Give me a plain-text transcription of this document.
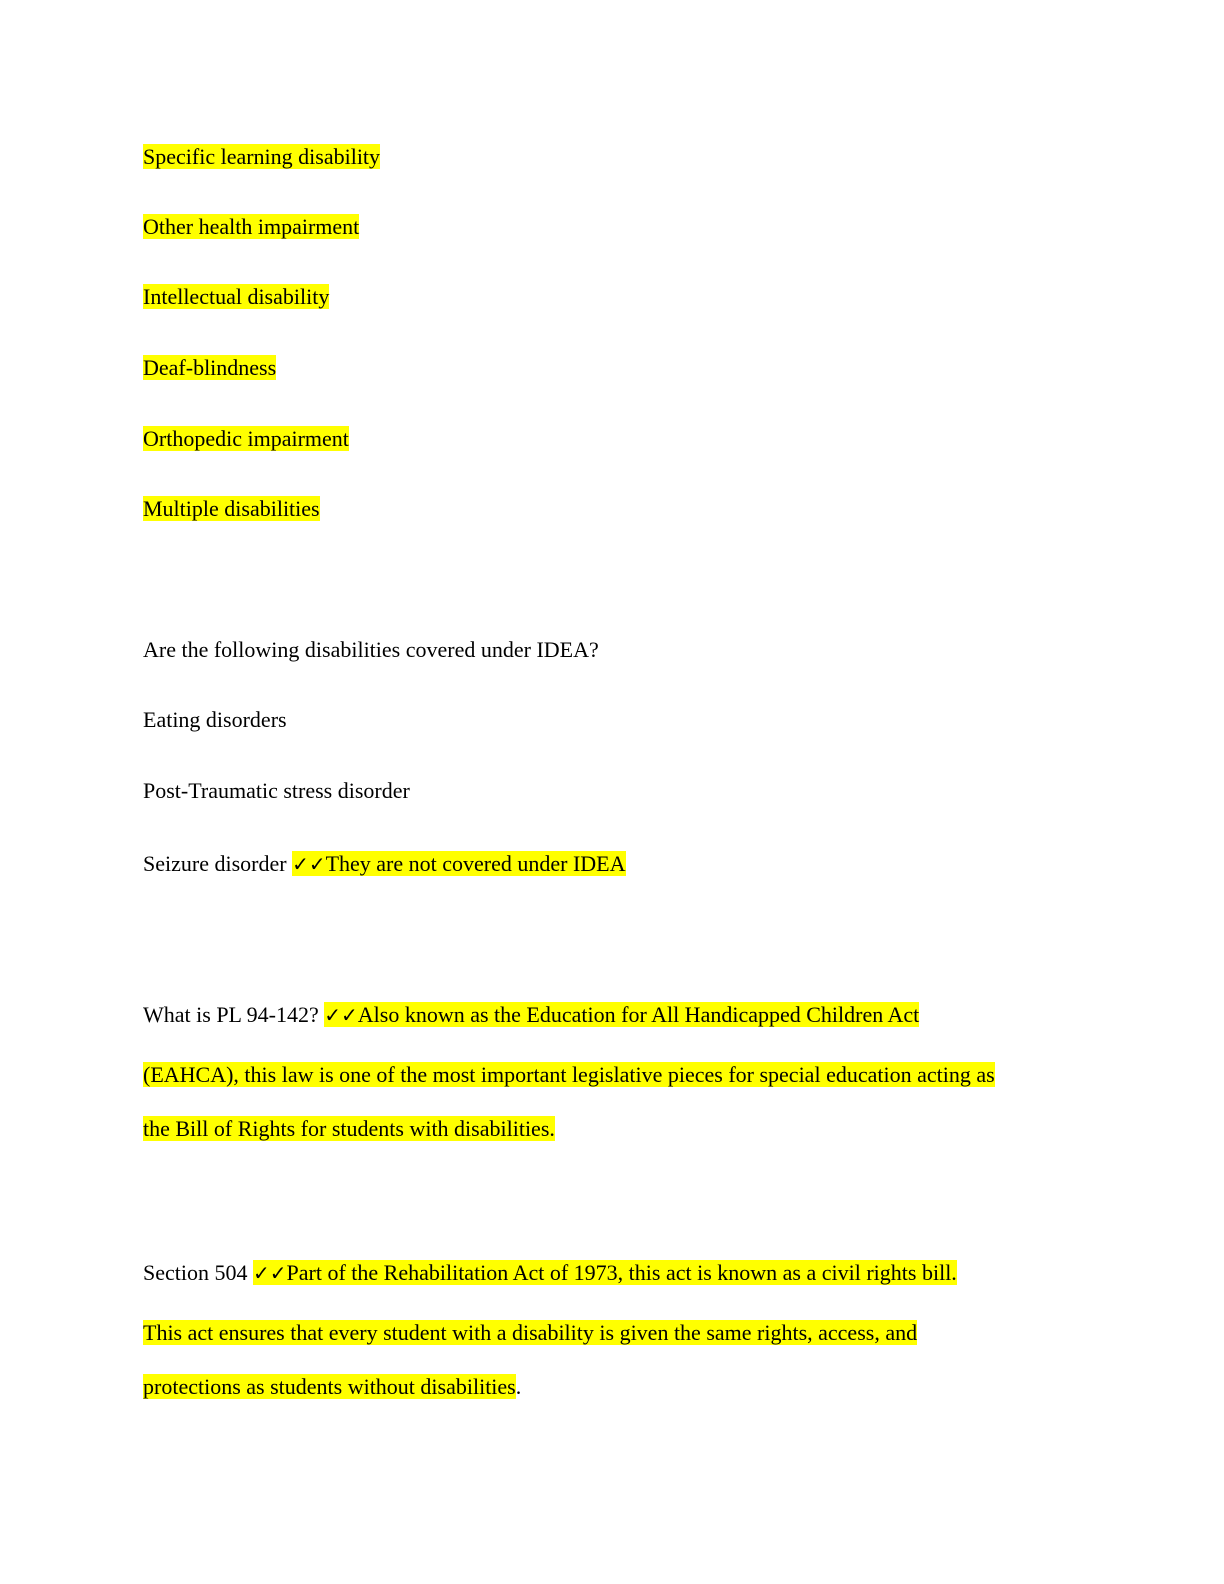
Specific learning disability
Other health impairment
Intellectual disability
Deaf-blindness
Orthopedic impairment
Multiple disabilities
Are the following disabilities covered under IDEA?
Eating disorders
Post-Traumatic stress disorder
Seizure disorder ✓✓They are not covered under IDEA
What is PL 94-142? ✓✓Also known as the Education for All Handicapped Children Act
(EAHCA), this law is one of the most important legislative pieces for special education acting as
the Bill of Rights for students with disabilities.
Section 504 ✓✓Part of the Rehabilitation Act of 1973, this act is known as a civil rights bill.
This act ensures that every student with a disability is given the same rights, access, and
protections as students without disabilities.
